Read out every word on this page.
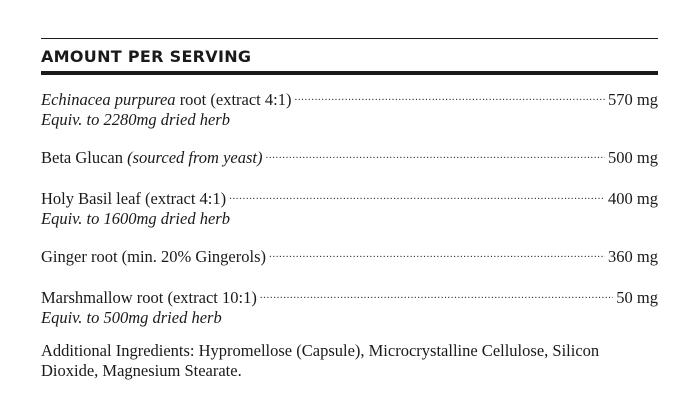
AMOUNT PER SERVING
Echinacea purpurea root (extract 4:1) .....	570 mg
Equiv. to 2280mg dried herb
Beta Glucan (sourced from yeast) .....	500 mg
Holy Basil leaf (extract 4:1) .....	400 mg
Equiv. to 1600mg dried herb
Ginger root (min. 20% Gingerols) .....	360 mg
Marshmallow root (extract 10:1) .....	50 mg
Equiv. to 500mg dried herb
Additional Ingredients: Hypromellose (Capsule), Microcrystalline Cellulose, Silicon Dioxide, Magnesium Stearate.
